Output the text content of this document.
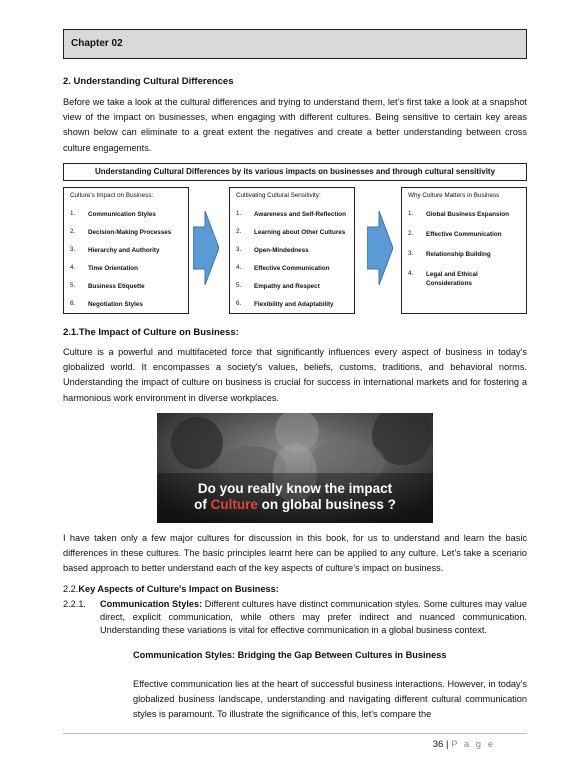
Chapter 02
2. Understanding Cultural Differences

Before we take a look at the cultural differences and trying to understand them, let’s first take a look at a snapshot view of the impact on businesses, when engaging with different cultures. Being sensitive to certain key areas shown below can eliminate to a great extent the negatives and create a better understanding between cross culture engagements.

Understanding Cultural Differences by its various impacts on businesses and through cultural sensitivity
Culture’s Impact on Business:
1.	Communication Styles
2.	Decision-Making Processes
3.	Hierarchy and Authority
4.	Time Orientation
5.	Business Etiquette
6.	Negotiation Styles
Cultivating Cultural Sensitivity:
1.	Awareness and Self-Reflection
2.	Learning about Other Cultures
3.	Open-Mindedness
4.	Effective Communication
5.	Empathy and Respect
6.	Flexibility and Adaptability
Why Culture Matters in Business
1.	Global Business Expansion
2.	Effective Communication
3.	Relationship Building
4.	Legal and Ethical Considerations
2.1.The Impact of Culture on Business:

Culture is a powerful and multifaceted force that significantly influences every aspect of business in today's globalized world. It encompasses a society's values, beliefs, customs, traditions, and behavioral norms. Understanding the impact of culture on business is crucial for success in international markets and for fostering a harmonious work environment in diverse workplaces.

Do you really know the impact
of Culture on global business ?

I have taken only a few major cultures for discussion in this book, for us to understand and learn the basic differences in these cultures. The basic principles learnt here can be applied to any culture. Let’s take a scenario based approach to better understand each of the key aspects of culture’s impact on business.

2.2.Key Aspects of Culture's Impact on Business:
2.2.1. Communication Styles: Different cultures have distinct communication styles. Some cultures may value direct, explicit communication, while others may prefer indirect and nuanced communication. Understanding these variations is vital for effective communication in a global business context.
Communication Styles: Bridging the Gap Between Cultures in Business

Effective communication lies at the heart of successful business interactions. However, in today's globalized business landscape, understanding and navigating different cultural communication styles is paramount. To illustrate the significance of this, let's compare the

36 | P a g e
